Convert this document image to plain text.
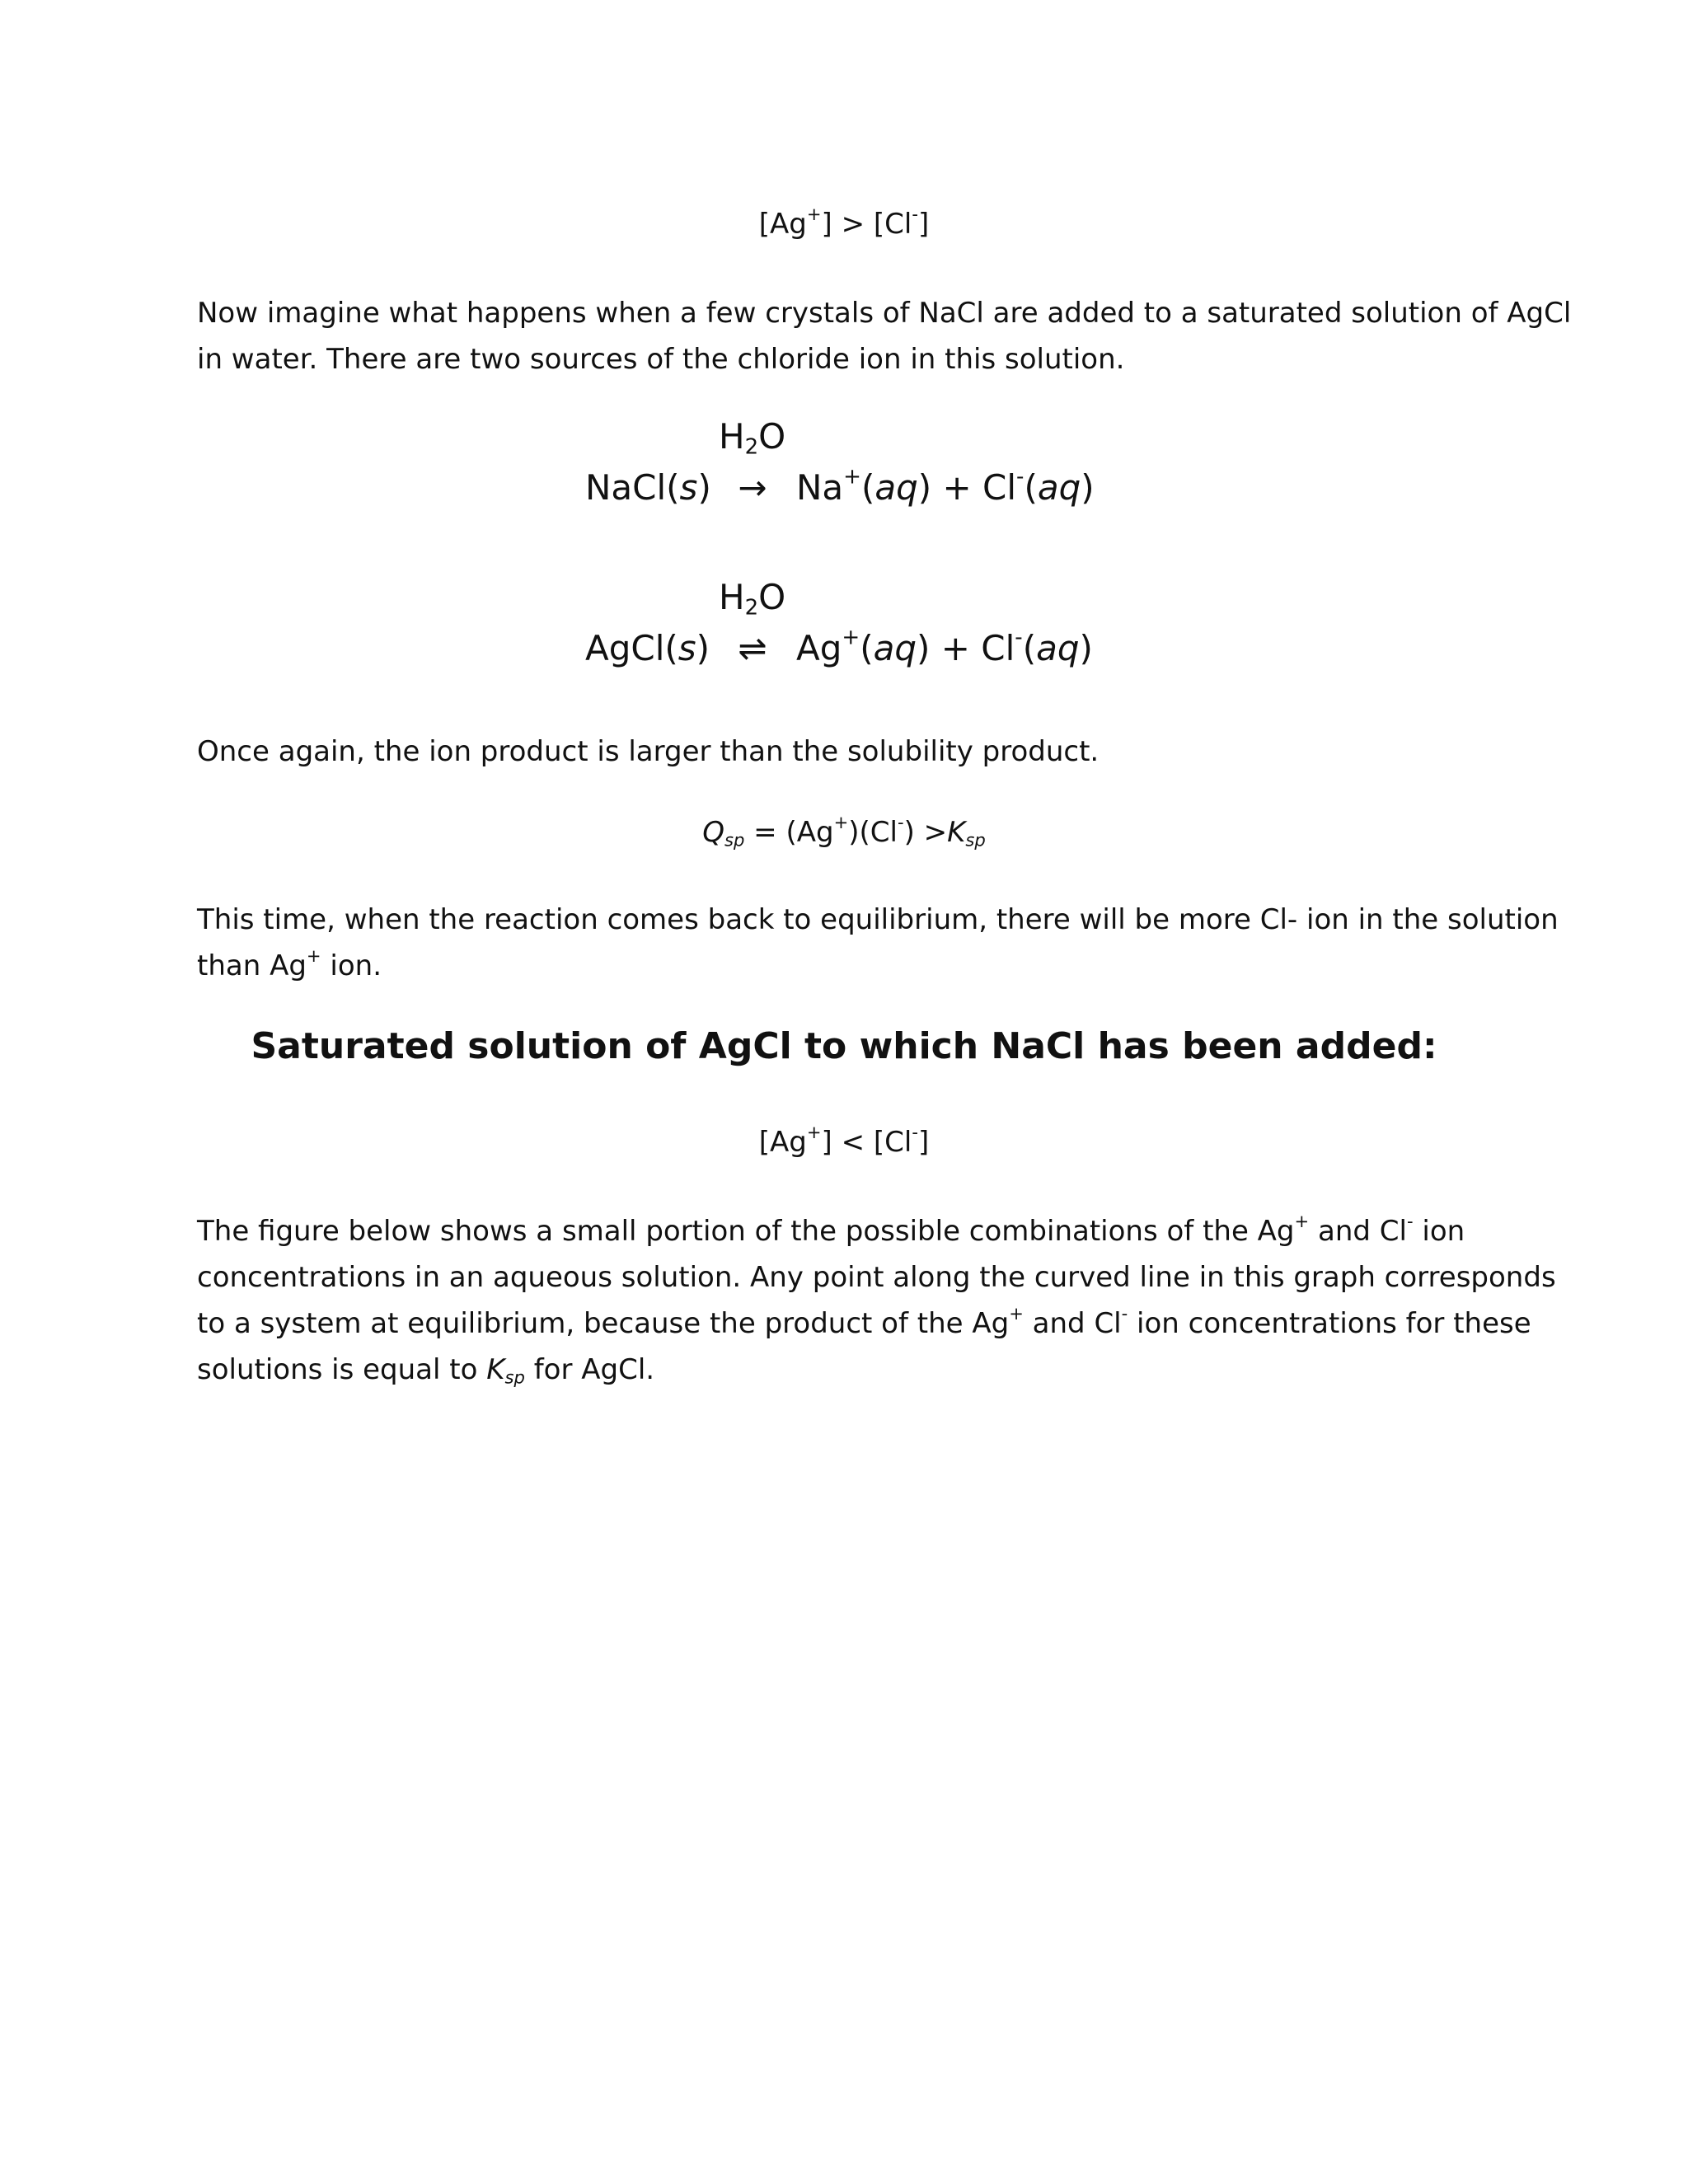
[Ag+] > [Cl-]

Now imagine what happens when a few crystals of NaCl are added to a saturated solution of AgCl

in water. There are two sources of the chloride ion in this solution.

$H_2O$
NaCl(s) → Na+(aq) + Cl-(aq)
$H_2O$
AgCl(s) ⇌ Ag+(aq) + Cl-(aq)

Once again, the ion product is larger than the solubility product.

$Q_{sp} = (Ag^+)(Cl^-) >K_{sp}$

This time, when the reaction comes back to equilibrium, there will be more Cl- ion in the solution

than Ag+ ion.

Saturated solution of AgCl to which NaCl has been added:
[Ag+] < [Cl-]

The figure below shows a small portion of the possible combinations of the Ag+ and Cl- ion

concentrations in an aqueous solution. Any point along the curved line in this graph corresponds

to a system at equilibrium, because the product of the Ag+ and Cl- ion concentrations for these

solutions is equal to $K_{sp}$ for AgCl.
